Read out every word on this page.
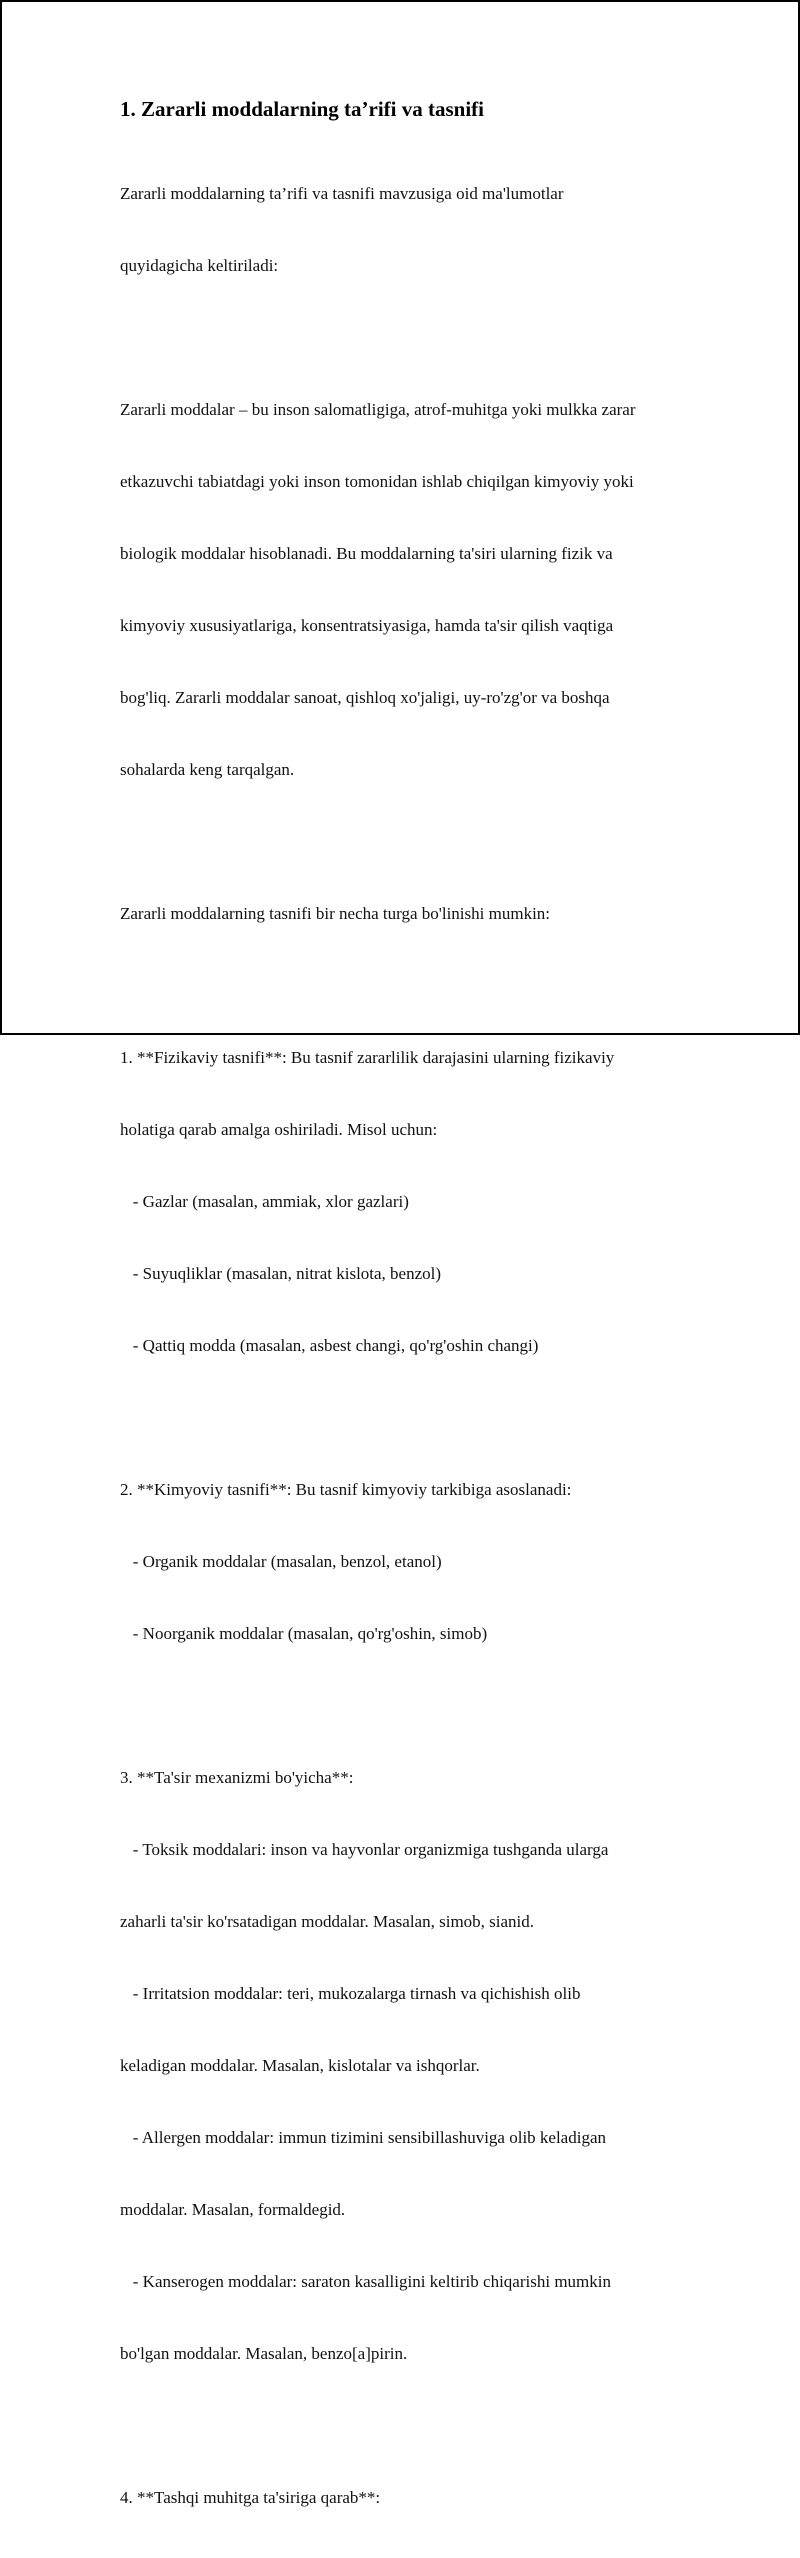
1. Zararli moddalarning ta’rifi va tasnifi

Zararli moddalarning ta’rifi va tasnifi mavzusiga oid ma'lumotlar

quyidagicha keltiriladi:

Zararli moddalar – bu inson salomatligiga, atrof-muhitga yoki mulkka zarar

etkazuvchi tabiatdagi yoki inson tomonidan ishlab chiqilgan kimyoviy yoki

biologik moddalar hisoblanadi. Bu moddalarning ta'siri ularning fizik va

kimyoviy xususiyatlariga, konsentratsiyasiga, hamda ta'sir qilish vaqtiga

bog'liq. Zararli moddalar sanoat, qishloq xo'jaligi, uy-ro'zg'or va boshqa

sohalarda keng tarqalgan.

Zararli moddalarning tasnifi bir necha turga bo'linishi mumkin:

1. **Fizikaviy tasnifi**: Bu tasnif zararlilik darajasini ularning fizikaviy

holatiga qarab amalga oshiriladi. Misol uchun:

- Gazlar (masalan, ammiak, xlor gazlari)

- Suyuqliklar (masalan, nitrat kislota, benzol)

- Qattiq modda (masalan, asbest changi, qo'rg'oshin changi)

2. **Kimyoviy tasnifi**: Bu tasnif kimyoviy tarkibiga asoslanadi:

- Organik moddalar (masalan, benzol, etanol)

- Noorganik moddalar (masalan, qo'rg'oshin, simob)

3. **Ta'sir mexanizmi bo'yicha**:

- Toksik moddalari: inson va hayvonlar organizmiga tushganda ularga

zaharli ta'sir ko'rsatadigan moddalar. Masalan, simob, sianid.

- Irritatsion moddalar: teri, mukozalarga tirnash va qichishish olib

keladigan moddalar. Masalan, kislotalar va ishqorlar.

- Allergen moddalar: immun tizimini sensibillashuviga olib keladigan

moddalar. Masalan, formaldegid.

- Kanserogen moddalar: saraton kasalligini keltirib chiqarishi mumkin

bo'lgan moddalar. Masalan, benzo[a]pirin.

4. **Tashqi muhitga ta'siriga qarab**:
